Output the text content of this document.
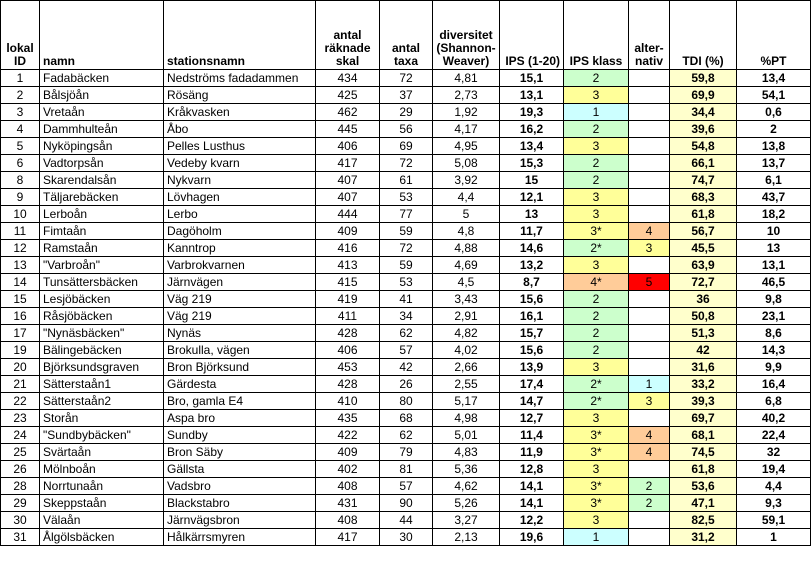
lokal ID	namn	stationsnamn	antal räknade skal	antal taxa	diversitet (Shannon-Weaver)	IPS (1-20)	IPS klass	alter-nativ	TDI (%)	%PT
1	Fadabäcken	Nedströms fadadammen	434	72	4,81	15,1	2		59,8	13,4
2	Bålsjöån	Rösäng	425	37	2,73	13,1	3		69,9	54,1
3	Vretaån	Kråkvasken	462	29	1,92	19,3	1		34,4	0,6
4	Dammhulteån	Åbo	445	56	4,17	16,2	2		39,6	2
5	Nyköpingsån	Pelles Lusthus	406	69	4,95	13,4	3		54,8	13,8
6	Vadtorpsån	Vedeby kvarn	417	72	5,08	15,3	2		66,1	13,7
8	Skarendalsån	Nykvarn	407	61	3,92	15	2		74,7	6,1
9	Täljarebäcken	Lövhagen	407	53	4,4	12,1	3		68,3	43,7
10	Lerboån	Lerbo	444	77	5	13	3		61,8	18,2
11	Fimtaån	Dagöholm	409	59	4,8	11,7	3*	4	56,7	10
12	Ramstaån	Kanntrop	416	72	4,88	14,6	2*	3	45,5	13
13	"Varbroån"	Varbrokvarnen	413	59	4,69	13,2	3		63,9	13,1
14	Tunsättersbäcken	Järnvägen	415	53	4,5	8,7	4*	5	72,7	46,5
15	Lesjöbäcken	Väg 219	419	41	3,43	15,6	2		36	9,8
16	Råsjöbäcken	Väg 219	411	34	2,91	16,1	2		50,8	23,1
17	"Nynäsbäcken"	Nynäs	428	62	4,82	15,7	2		51,3	8,6
19	Bälingebäcken	Brokulla, vägen	406	57	4,02	15,6	2		42	14,3
20	Björksundsgraven	Bron Björksund	453	42	2,66	13,9	3		31,6	9,9
21	Sätterstaån1	Gärdesta	428	26	2,55	17,4	2*	1	33,2	16,4
22	Sätterstaån2	Bro, gamla E4	410	80	5,17	14,7	2*	3	39,3	6,8
23	Storån	Aspa bro	435	68	4,98	12,7	3		69,7	40,2
24	"Sundbybäcken"	Sundby	422	62	5,01	11,4	3*	4	68,1	22,4
25	Svärtaån	Bron Säby	409	79	4,83	11,9	3*	4	74,5	32
26	Mölnboån	Gällsta	402	81	5,36	12,8	3		61,8	19,4
28	Norrtunaån	Vadsbro	408	57	4,62	14,1	3*	2	53,6	4,4
29	Skeppstaån	Blackstabro	431	90	5,26	14,1	3*	2	47,1	9,3
30	Välaån	Järnvägsbron	408	44	3,27	12,2	3		82,5	59,1
31	Ålgölsbäcken	Hålkärrsmyren	417	30	2,13	19,6	1		31,2	1
